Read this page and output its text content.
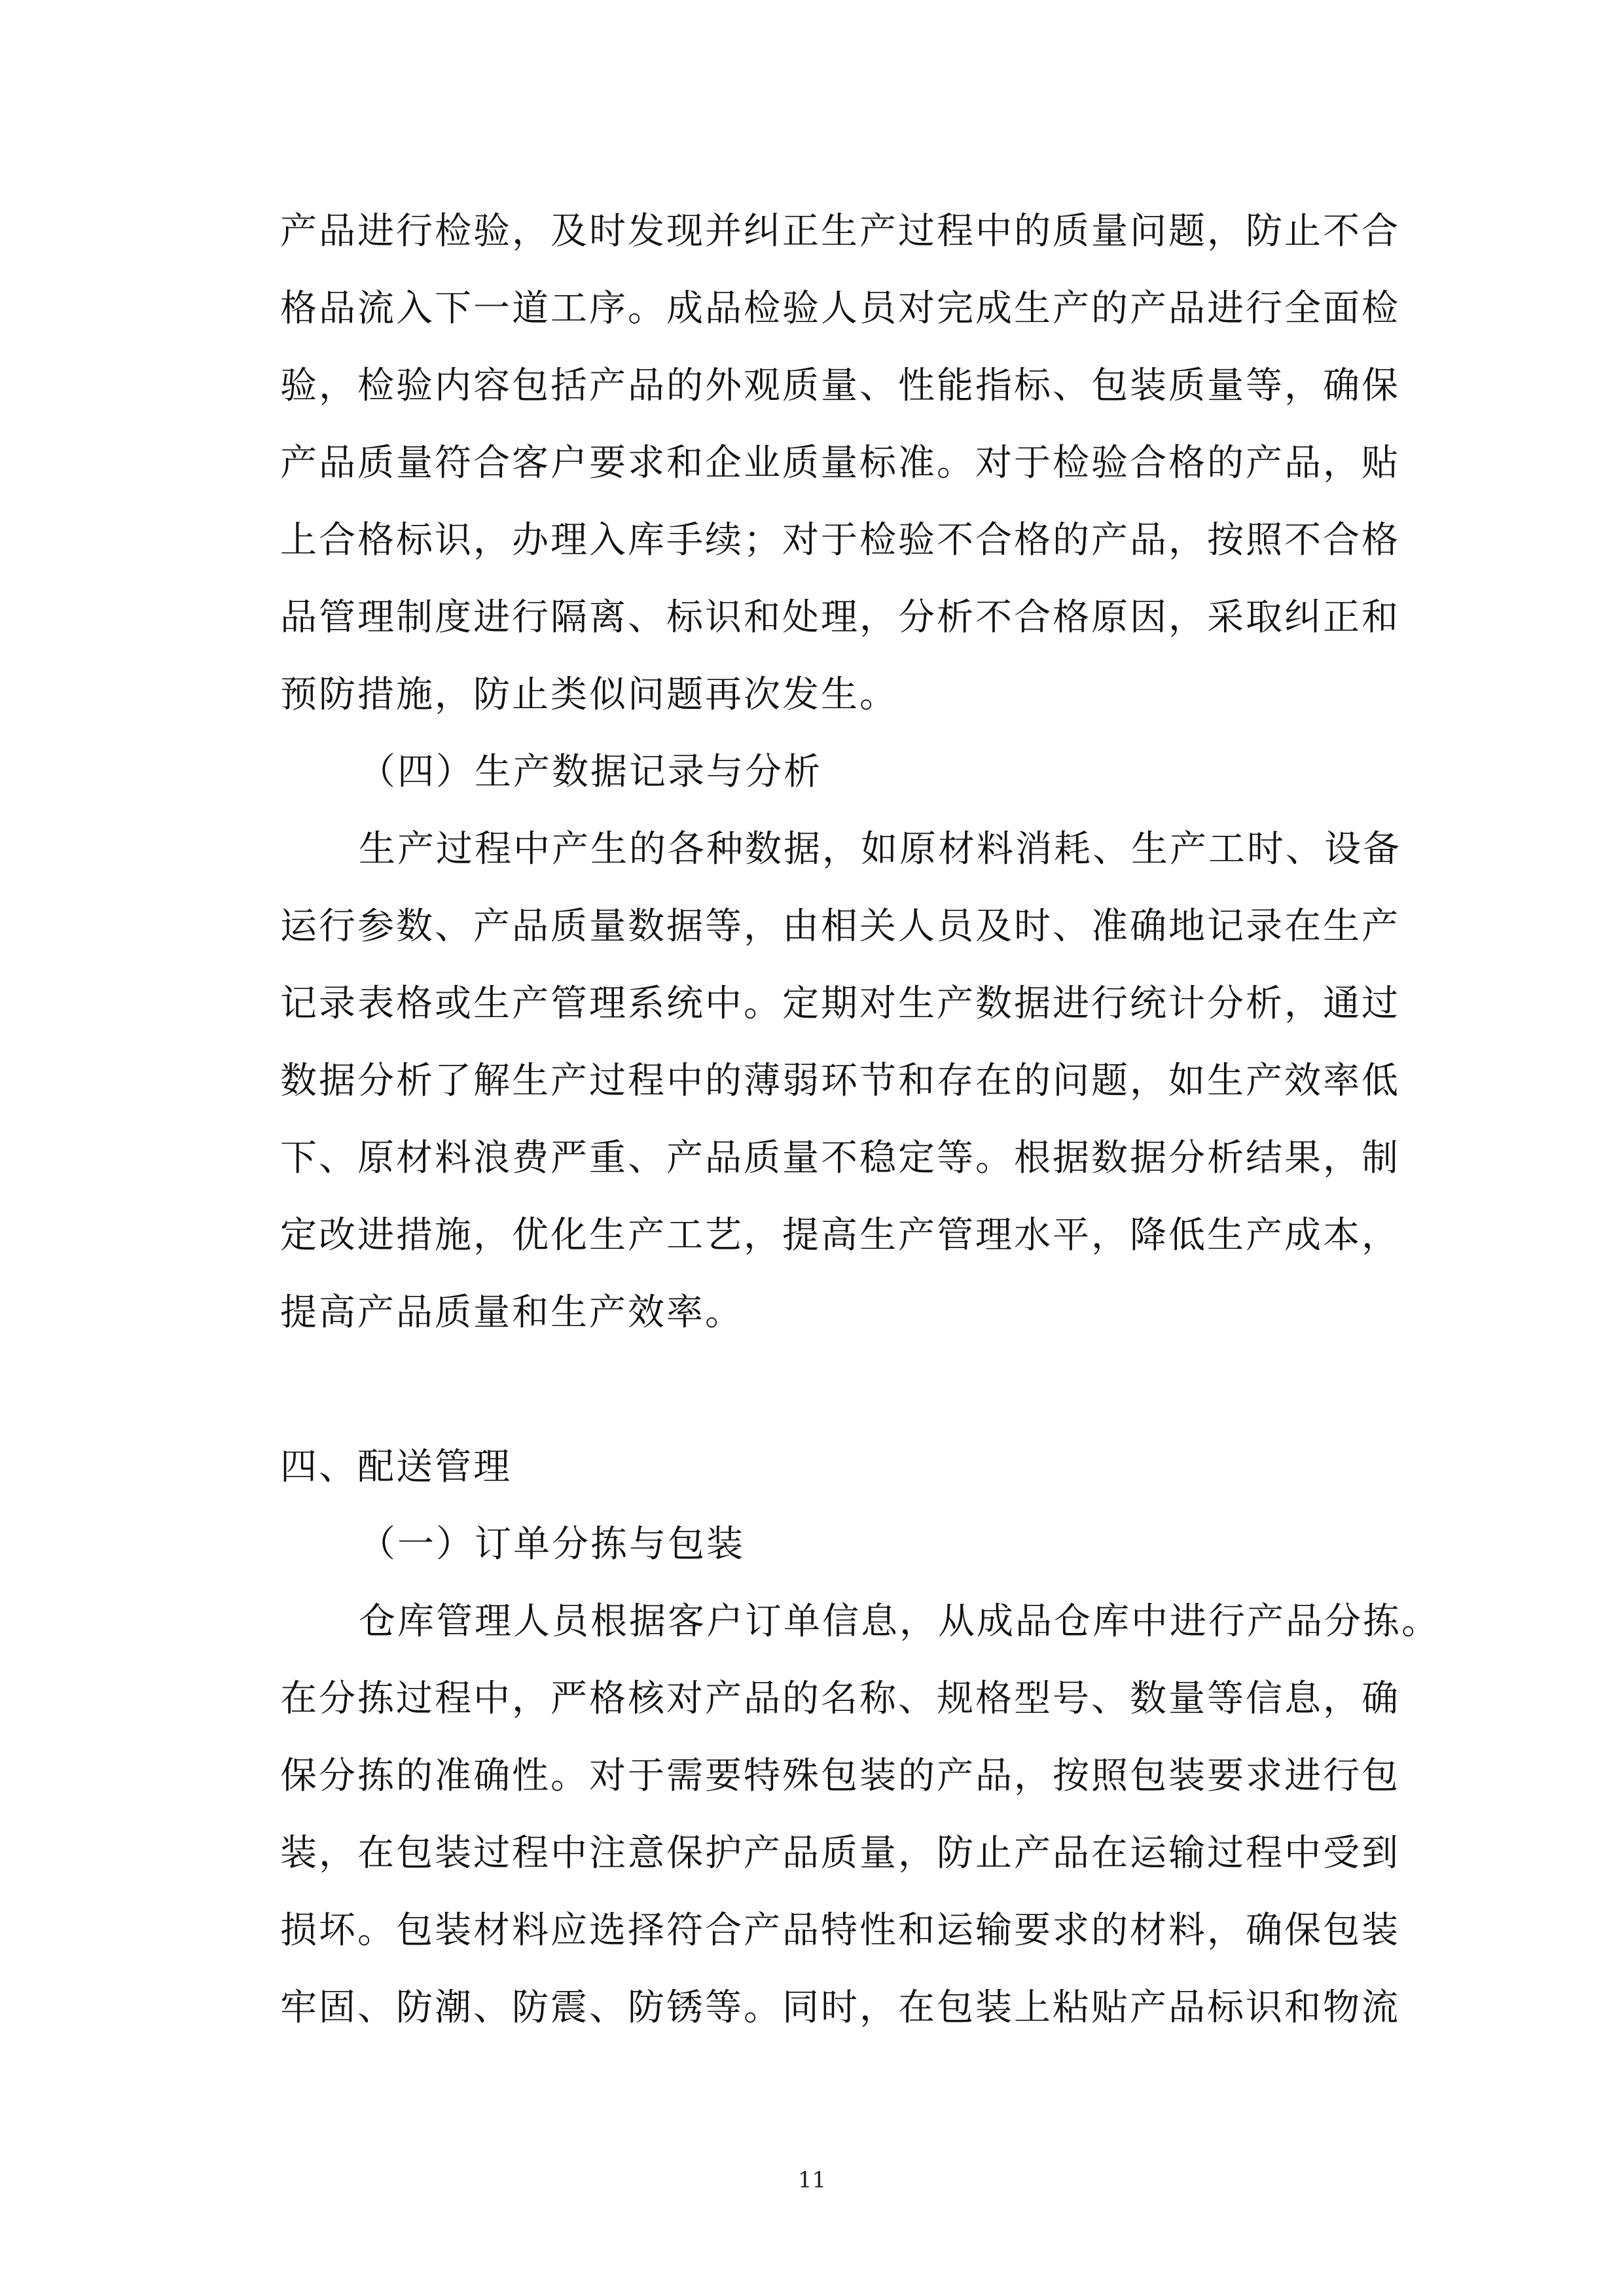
产品进行检验，及时发现并纠正生产过程中的质量问题，防止不合
格品流入下一道工序。成品检验人员对完成生产的产品进行全面检
验，检验内容包括产品的外观质量、性能指标、包装质量等，确保
产品质量符合客户要求和企业质量标准。对于检验合格的产品，贴
上合格标识，办理入库手续；对于检验不合格的产品，按照不合格
品管理制度进行隔离、标识和处理，分析不合格原因，采取纠正和
预防措施，防止类似问题再次发生。
（四）生产数据记录与分析
生产过程中产生的各种数据，如原材料消耗、生产工时、设备
运行参数、产品质量数据等，由相关人员及时、准确地记录在生产
记录表格或生产管理系统中。定期对生产数据进行统计分析，通过
数据分析了解生产过程中的薄弱环节和存在的问题，如生产效率低
下、原材料浪费严重、产品质量不稳定等。根据数据分析结果，制
定改进措施，优化生产工艺，提高生产管理水平，降低生产成本，
提高产品质量和生产效率。
四、配送管理
（一）订单分拣与包装
仓库管理人员根据客户订单信息，从成品仓库中进行产品分拣。
在分拣过程中，严格核对产品的名称、规格型号、数量等信息，确
保分拣的准确性。对于需要特殊包装的产品，按照包装要求进行包
装，在包装过程中注意保护产品质量，防止产品在运输过程中受到
损坏。包装材料应选择符合产品特性和运输要求的材料，确保包装
牢固、防潮、防震、防锈等。同时，在包装上粘贴产品标识和物流
11
